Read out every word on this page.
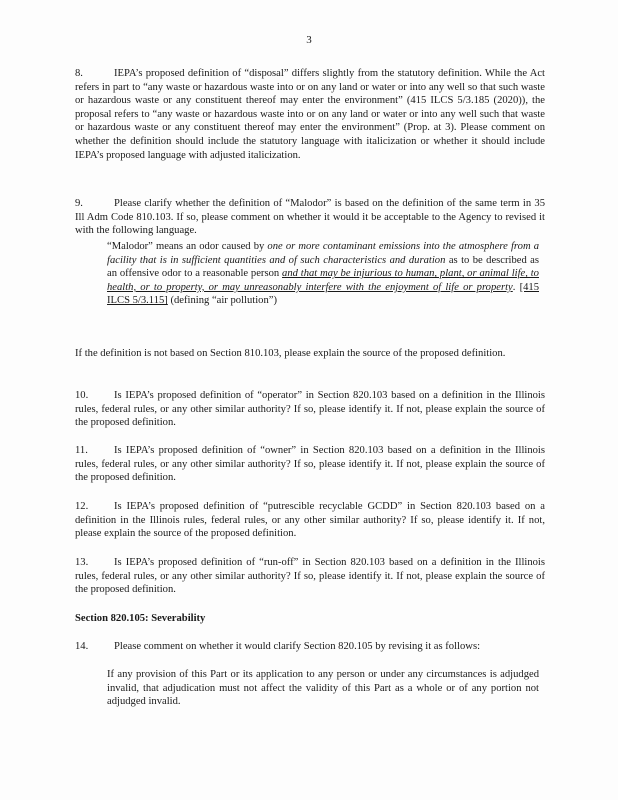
3
8.	IEPA’s proposed definition of “disposal” differs slightly from the statutory definition. While the Act refers in part to “any waste or hazardous waste into or on any land or water or into any well so that such waste or hazardous waste or any constituent thereof may enter the environment” (415 ILCS 5/3.185 (2020)), the proposal refers to “any waste or hazardous waste into or on any land or water or into any well such that waste or hazardous waste or any constituent thereof may enter the environment” (Prop. at 3). Please comment on whether the definition should include the statutory language with italicization or whether it should include IEPA’s proposed language with adjusted italicization.
9.	Please clarify whether the definition of “Malodor” is based on the definition of the same term in 35 Ill Adm Code 810.103. If so, please comment on whether it would it be acceptable to the Agency to revised it with the following language.
“Malodor” means an odor caused by one or more contaminant emissions into the atmosphere from a facility that is in sufficient quantities and of such characteristics and duration as to be described as an offensive odor to a reasonable person and that may be injurious to human, plant, or animal life, to health, or to property, or may unreasonably interfere with the enjoyment of life or property. [415 ILCS 5/3.115] (defining “air pollution”)
If the definition is not based on Section 810.103, please explain the source of the proposed definition.
10. Is IEPA’s proposed definition of “operator” in Section 820.103 based on a definition in the Illinois rules, federal rules, or any other similar authority? If so, please identify it. If not, please explain the source of the proposed definition.
11. Is IEPA’s proposed definition of “owner” in Section 820.103 based on a definition in the Illinois rules, federal rules, or any other similar authority? If so, please identify it. If not, please explain the source of the proposed definition.
12. Is IEPA’s proposed definition of “putrescible recyclable GCDD” in Section 820.103 based on a definition in the Illinois rules, federal rules, or any other similar authority? If so, please identify it. If not, please explain the source of the proposed definition.
13. Is IEPA’s proposed definition of “run-off” in Section 820.103 based on a definition in the Illinois rules, federal rules, or any other similar authority? If so, please identify it. If not, please explain the source of the proposed definition.
Section 820.105: Severability
14. Please comment on whether it would clarify Section 820.105 by revising it as follows:
If any provision of this Part or its application to any person or under any circumstances is adjudged invalid, that adjudication must not affect the validity of this Part as a whole or of any portion not adjudged invalid.
